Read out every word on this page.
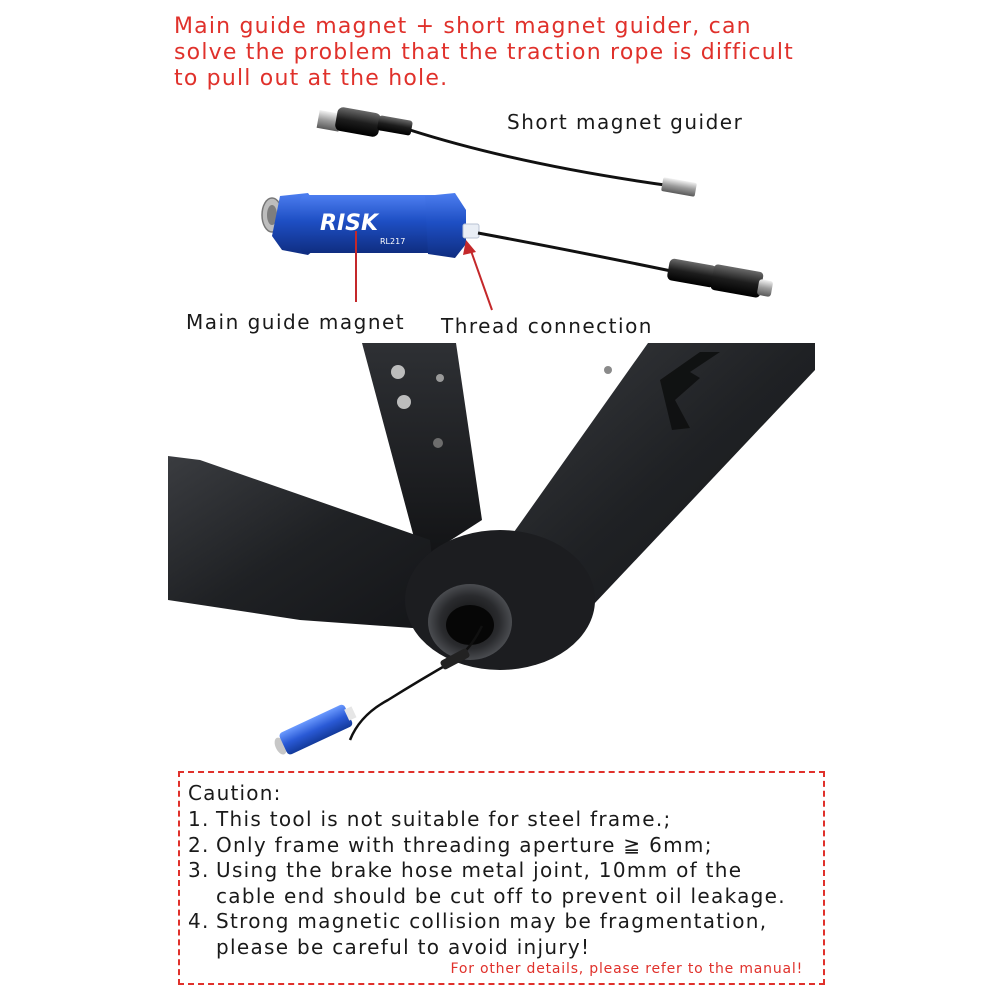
Main guide magnet + short magnet guider, can solve the problem that the traction rope is difficult to pull out at the hole.
RISK
RL217
Short magnet guider
Main guide magnet Thread connection
Caution:
1. This tool is not suitable for steel frame.;
2. Only frame with threading aperture ≧ 6mm;
3. Using the brake hose metal joint, 10mm of the
cable end should be cut off to prevent oil leakage.
4. Strong magnetic collision may be fragmentation,
please be careful to avoid injury!
For other details, please refer to the manual!
